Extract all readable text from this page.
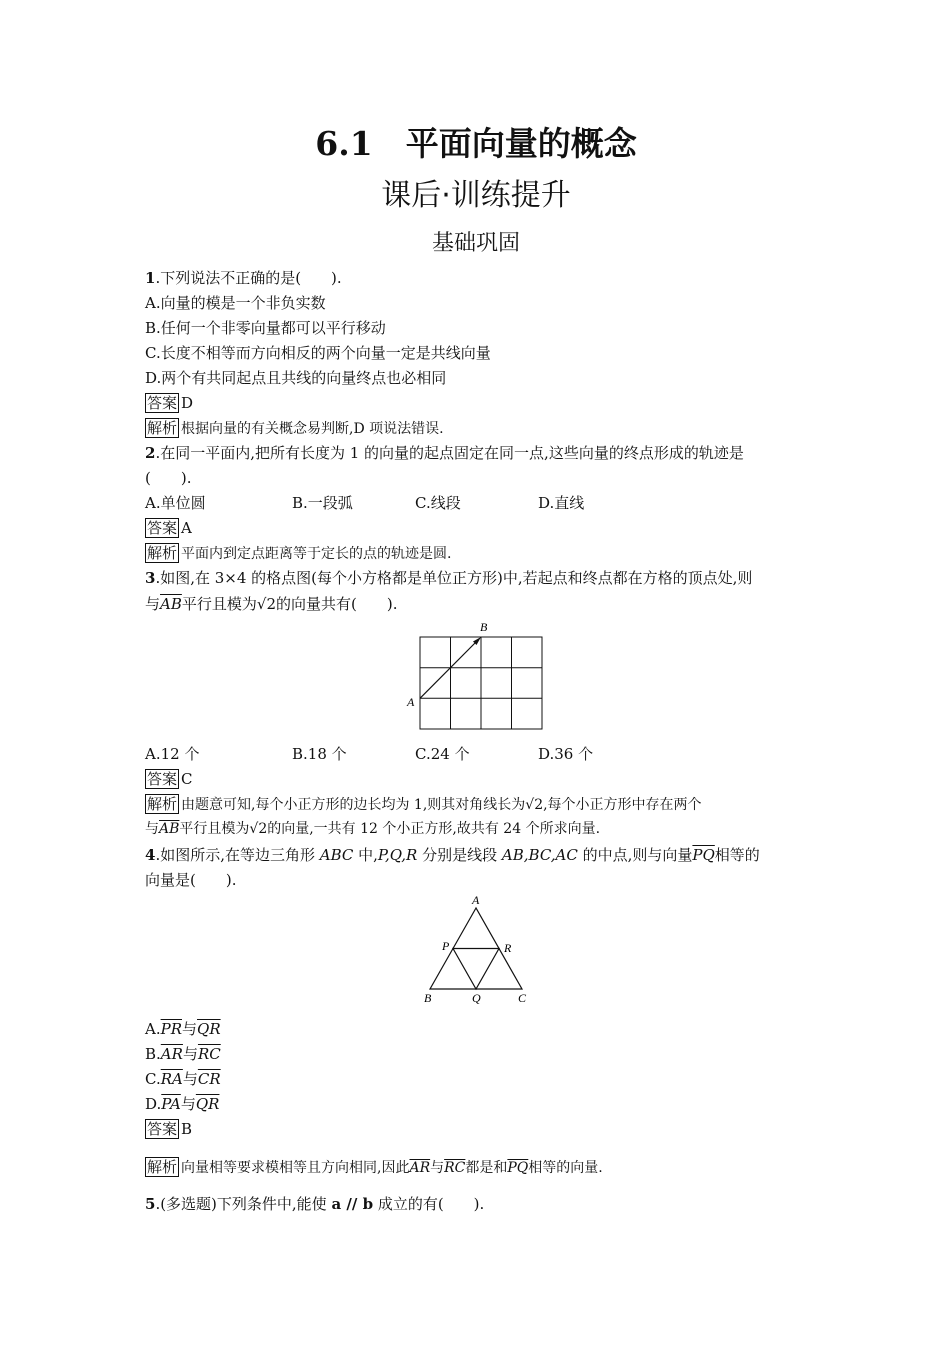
6.1　平面向量的概念
课后·训练提升
基础巩固
1.下列说法不正确的是(　　).
A.向量的模是一个非负实数
B.任何一个非零向量都可以平行移动
C.长度不相等而方向相反的两个向量一定是共线向量
D.两个有共同起点且共线的向量终点也必相同
答案 D
解析 根据向量的有关概念易判断,D 项说法错误.
2.在同一平面内,把所有长度为 1 的向量的起点固定在同一点,这些向量的终点形成的轨迹是
(　　).
A.单位圆	B.一段弧	C.线段	D.直线
答案 A
解析 平面内到定点距离等于定长的点的轨迹是圆.
3.如图,在 3×4 的格点图(每个小方格都是单位正方形)中,若起点和终点都在方格的顶点处,则
与$\overline{AB}$平行且模为√2的向量共有(　　).
B
A
A.12 个	B.18 个	C.24 个	D.36 个
答案 C
解析 由题意可知,每个小正方形的边长均为 1,则其对角线长为√2,每个小正方形中存在两个
与$\overline{AB}$平行且模为√2的向量,一共有 12 个小正方形,故共有 24 个所求向量.
4.如图所示,在等边三角形 ABC 中,P,Q,R 分别是线段 AB,BC,AC 的中点,则与向量$\overline{PQ}$相等的
向量是(　　).
A
P	R
B	Q	C
$A.\overline{PR}$与$\overline{QR}$
$B.\overline{AR}$与$\overline{RC}$
$C.\overline{RA}$与$\overline{CR}$
$D.\overline{PA}$与$\overline{QR}$
答案 B
解析 向量相等要求模相等且方向相同,因此$\overline{AR}$与$\overline{RC}$都是和$\overline{PQ}$相等的向量.
5.(多选题)下列条件中,能使 a // b 成立的有(　　).
